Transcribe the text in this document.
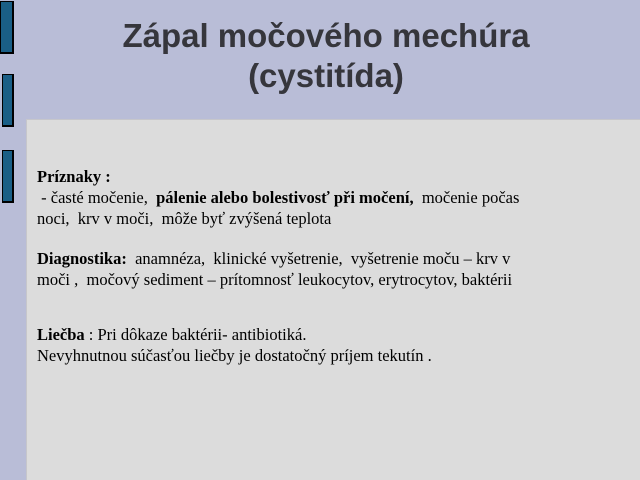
Zápal močového mechúra
(cystitída)
Príznaky :
- časté močenie,  pálenie alebo bolestivosť při močení,  močenie počas
noci,  krv v moči,  môže byť zvýšená teplota
Diagnostika:  anamnéza,  klinické vyšetrenie,  vyšetrenie moču – krv v
moči ,  močový sediment – prítomnosť leukocytov, erytrocytov, baktérii
Liečba : Pri dôkaze baktérii- antibiotiká.
Nevyhnutnou súčasťou liečby je dostatočný príjem tekutín .
